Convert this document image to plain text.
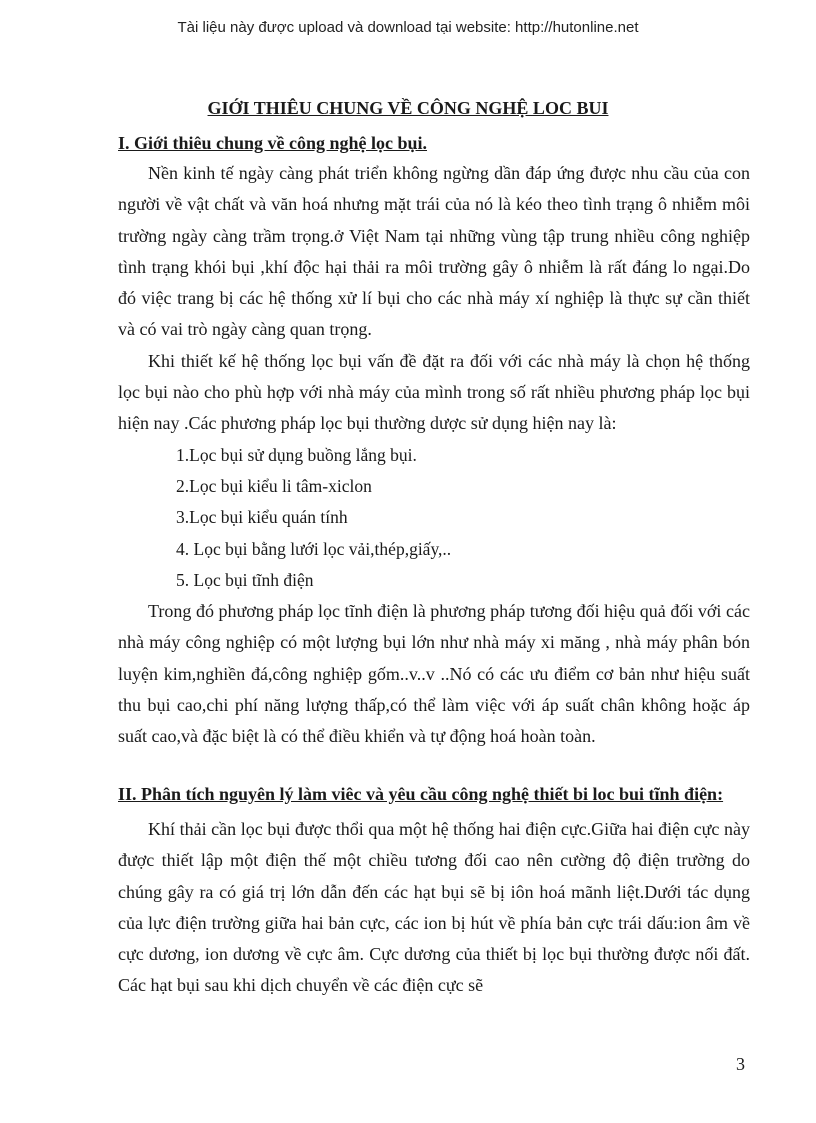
Tài liệu này được upload và download tại website: http://hutonline.net
GIỚI THIÊU CHUNG VỀ CÔNG NGHỆ LOC BUI

I. Giới thiêu chung về công nghệ lọc bụi.

Nền kinh tế ngày càng phát triển không ngừng dần đáp ứng được nhu cầu của con người về vật chất và văn hoá nhưng mặt trái của nó là kéo theo tình trạng ô nhiễm môi trường ngày càng trầm trọng.ở Việt Nam tại những vùng tập trung nhiều công nghiệp tình trạng khói bụi ,khí độc hại thải ra môi trường gây ô nhiễm là rất đáng lo ngại.Do đó việc trang bị các hệ thống xử lí bụi cho các nhà máy xí nghiệp là thực sự cần thiết và có vai trò ngày càng quan trọng.

Khi thiết kế hệ thống lọc bụi vấn đề đặt ra đối với các nhà máy là chọn hệ thống lọc bụi nào cho phù hợp với nhà máy của mình trong số rất nhiều phương pháp lọc bụi hiện nay .Các phương pháp lọc bụi thường dược sử dụng hiện nay là:

1.Lọc bụi sử dụng buồng lắng bụi.
2.Lọc bụi kiểu li tâm-xiclon
3.Lọc bụi kiểu quán tính
4. Lọc bụi bằng lưới lọc vải,thép,giấy,..
5. Lọc bụi tĩnh điện

Trong đó phương pháp lọc tĩnh điện là phương pháp tương đối hiệu quả đối với các nhà máy công nghiệp có một lượng bụi lớn như nhà máy xi măng , nhà máy phân bón luyện kim,nghiền đá,công nghiệp gốm..v..v ..Nó có các ưu điểm cơ bản như hiệu suất thu bụi cao,chi phí năng lượng thấp,có thể làm việc với áp suất chân không hoặc áp suất cao,và đặc biệt là có thể điều khiển và tự động hoá hoàn toàn.

II. Phân tích nguyên lý làm viêc và yêu cầu công nghệ thiết bi loc bui tĩnh điện:

Khí thải cần lọc bụi được thổi qua một hệ thống hai điện cực.Giữa hai điện cực này được thiết lập một điện thế một chiều tương đối cao nên cường độ điện trường do chúng gây ra có giá trị lớn dẫn đến các hạt bụi sẽ bị iôn hoá mãnh liệt.Dưới tác dụng của lực điện trường giữa hai bản cực, các ion bị hút về phía bản cực trái dấu:ion âm về cực dương, ion dương về cực âm. Cực dương của thiết bị lọc bụi thường được nối đất. Các hạt bụi sau khi dịch chuyển về các điện cực sẽ

3
